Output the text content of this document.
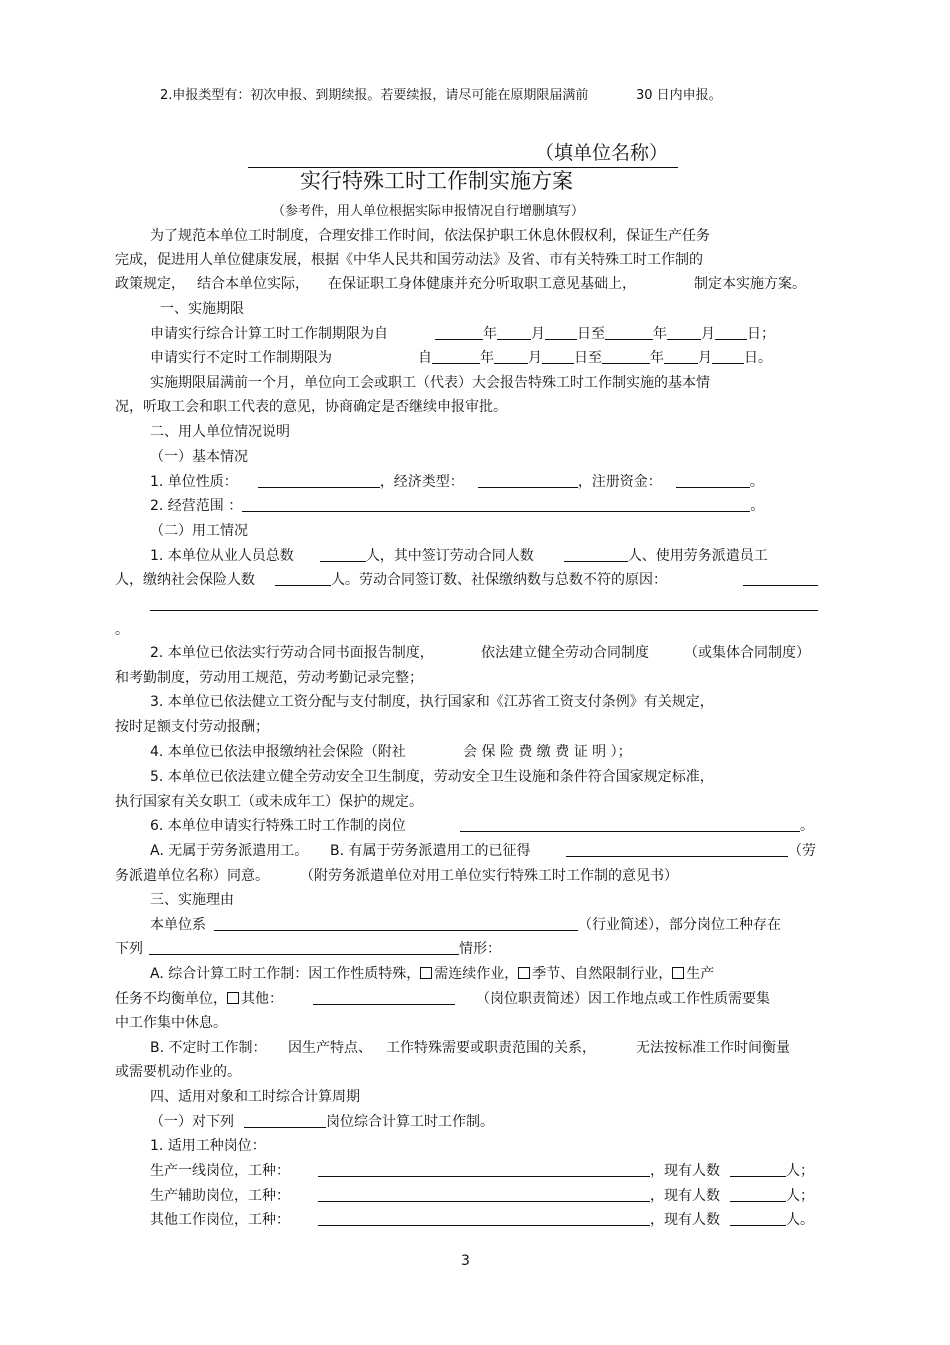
2.申报类型有：初次申报、到期续报。若要续报，请尽可能在原期限届满前	30 日内申报。
（填单位名称）
实行特殊工时工作制实施方案
（参考件，用人单位根据实际申报情况自行增删填写）
为了规范本单位工时制度，合理安排工作时间，依法保护职工休息休假权利，保证生产任务
完成，促进用人单位健康发展，根据《中华人民共和国劳动法》及省、市有关特殊工时工作制的
政策规定， 结合本单位实际， 在保证职工身体健康并充分听取职工意见基础上，	制定本实施方案。
一、实施期限
申请实行综合计算工时工作制期限为自	年 月 日至	年 月 日；
申请实行不定时工作制期限为	自	年 月 日至	年 月 日。
实施期限届满前一个月，单位向工会或职工（代表）大会报告特殊工时工作制实施的基本情
况，听取工会和职工代表的意见，协商确定是否继续申报审批。
二、用人单位情况说明
（一）基本情况
1. 单位性质：	，经济类型：	，注册资金：	。
2. 经营范围 ：	。
（二）用工情况
1. 本单位从业人员总数	人，其中签订劳动合同人数	人、使用劳务派遣员工
人，缴纳社会保险人数	人。劳动合同签订数、社保缴纳数与总数不符的原因：
。
2. 本单位已依法实行劳动合同书面报告制度，	依法建立健全劳动合同制度	（或集体合同制度）
和考勤制度，劳动用工规范，劳动考勤记录完整；
3. 本单位已依法健立工资分配与支付制度，执行国家和《江苏省工资支付条例》有关规定，
按时足额支付劳动报酬；
4. 本单位已依法申报缴纳社会保险（附社	会 保 险 费 缴 费 证 明 ）；
5. 本单位已依法建立健全劳动安全卫生制度，劳动安全卫生设施和条件符合国家规定标准，
执行国家有关女职工（或未成年工）保护的规定。
6. 本单位申请实行特殊工时工作制的岗位	。
A. 无属于劳务派遣用工。 B. 有属于劳务派遣用工的已征得	（劳
务派遣单位名称）同意。 （附劳务派遣单位对用工单位实行特殊工时工作制的意见书）
三、实施理由
本单位系	（行业简述），部分岗位工种存在
下列	情形：
A. 综合计算工时工作制：因工作性质特殊， 需连续作业， 季节、自然限制行业， 生产
任务不均衡单位， 其他：	（岗位职责简述）因工作地点或工作性质需要集
中工作集中休息。
B. 不定时工作制： 因生产特点、 工作特殊需要或职责范围的关系，	无法按标准工作时间衡量
或需要机动作业的。
四、适用对象和工时综合计算周期
（一）对下列	岗位综合计算工时工作制。
1. 适用工种岗位：
生产一线岗位，工种：	，现有人数	人；
生产辅助岗位，工种：	，现有人数	人；
其他工作岗位，工种：	，现有人数	人。
3
